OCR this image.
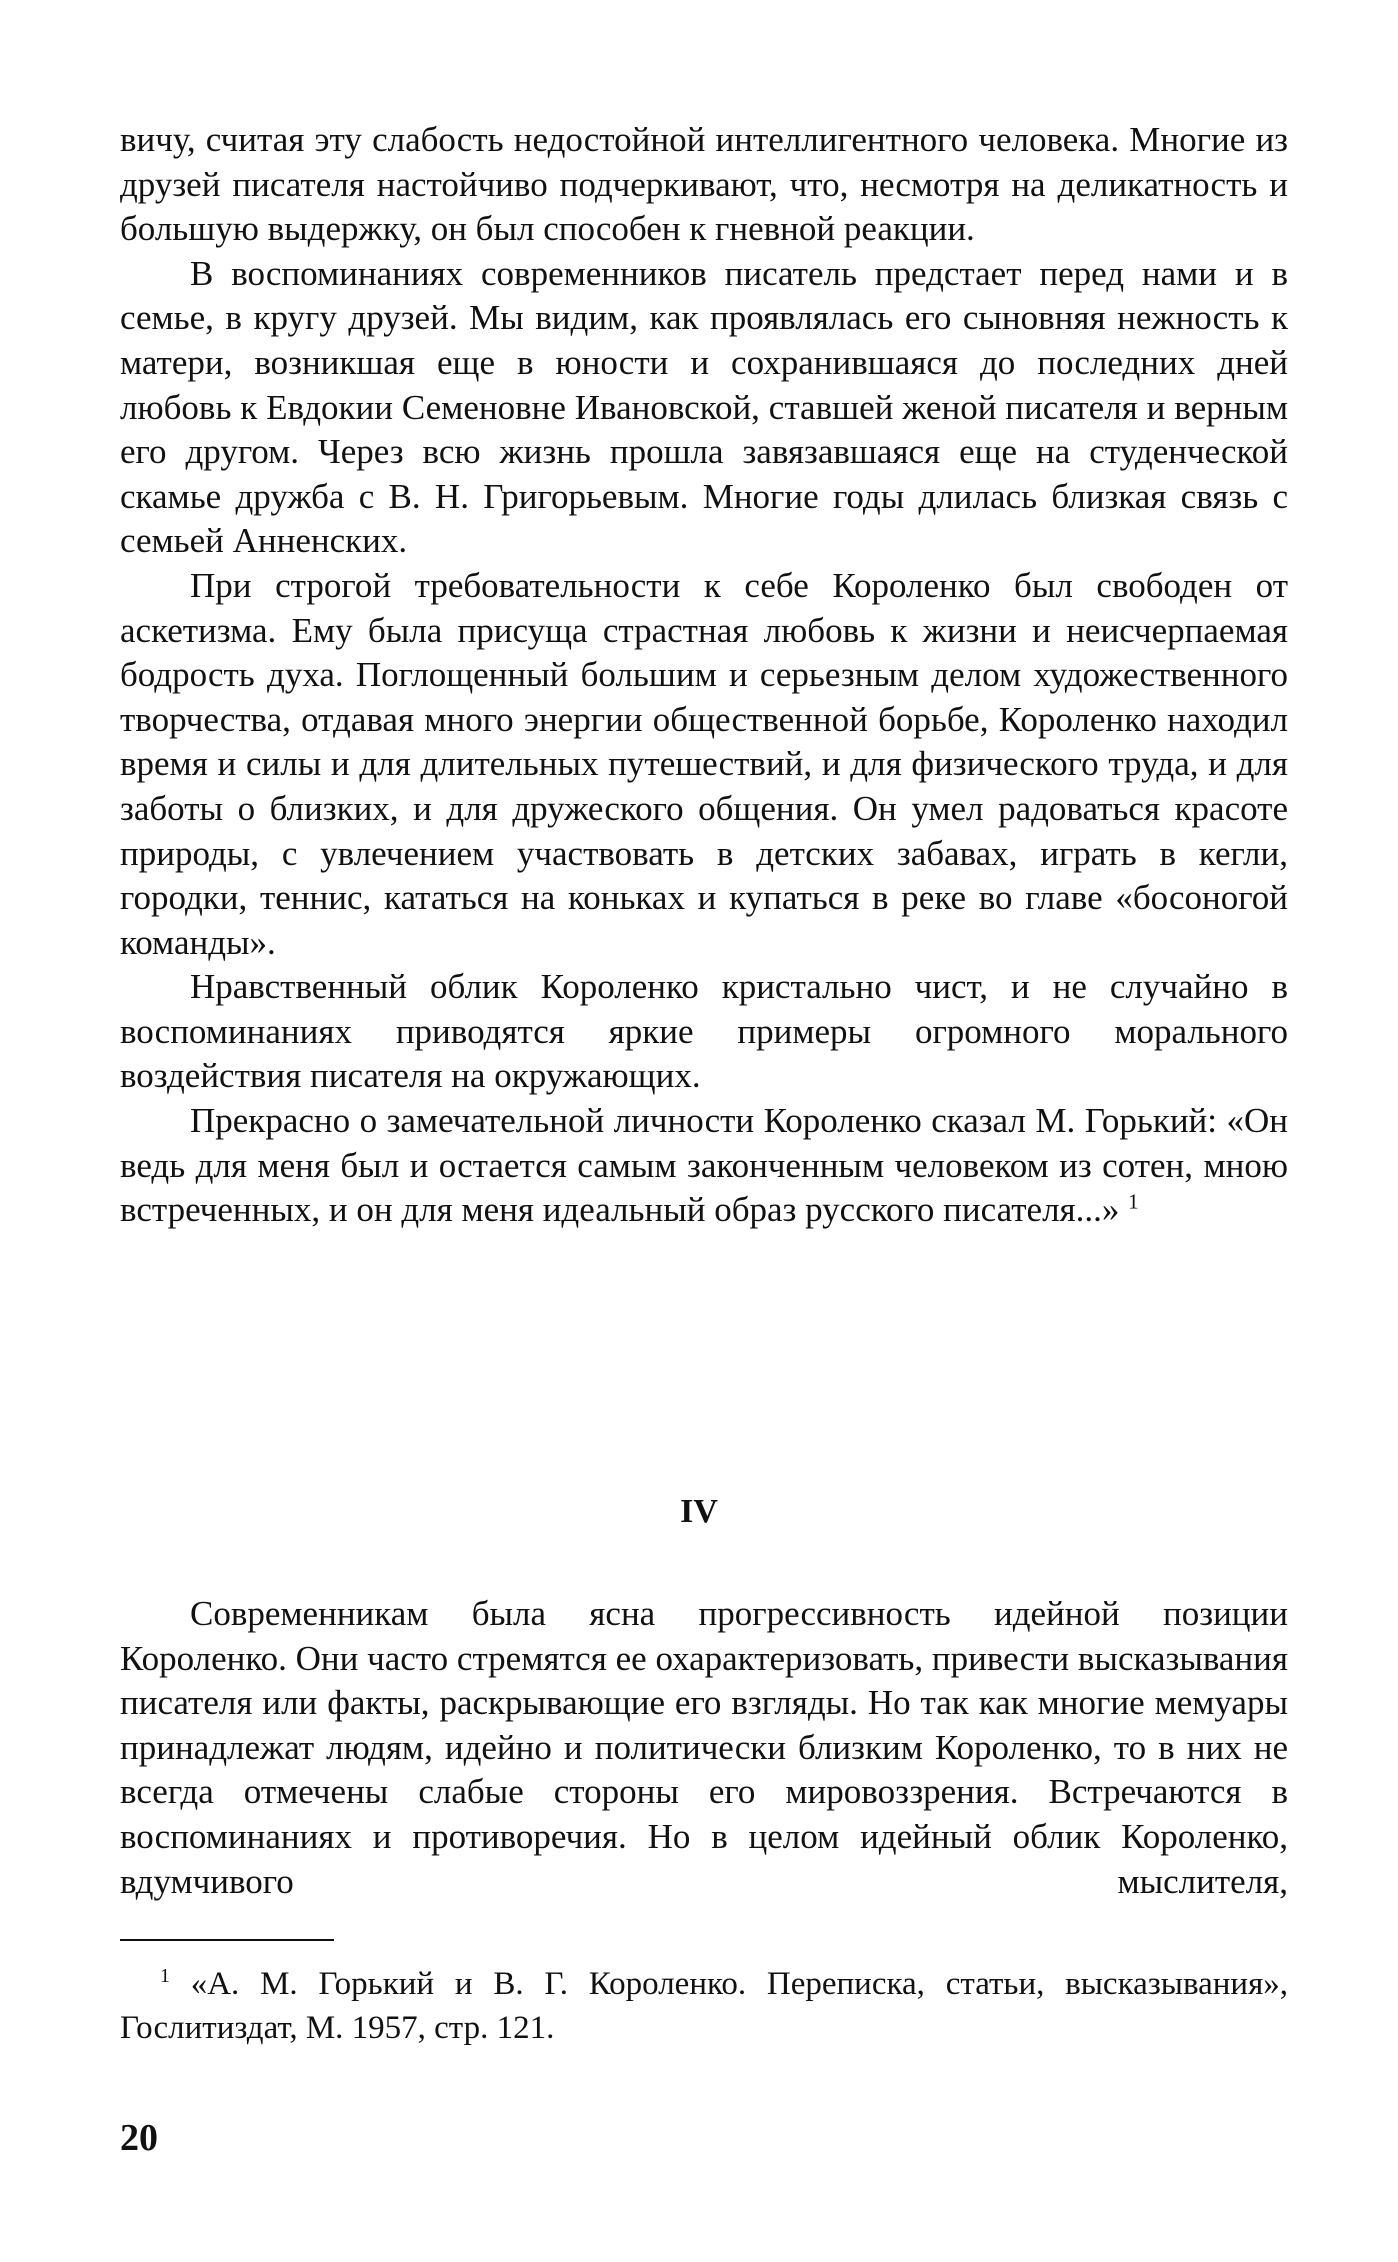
вичу, считая эту слабость недостойной интеллигентного человека. Многие из друзей писателя настойчиво подчеркивают, что, несмотря на деликатность и большую выдержку, он был способен к гневной реакции.

В воспоминаниях современников писатель предстает перед нами и в семье, в кругу друзей. Мы видим, как проявлялась его сыновняя нежность к матери, возникшая еще в юности и сохранившаяся до последних дней любовь к Евдокии Семеновне Ивановской, ставшей женой писателя и верным его другом. Через всю жизнь прошла завязавшаяся еще на студенческой скамье дружба с В. Н. Григорьевым. Многие годы длилась близкая связь с семьей Анненских.

При строгой требовательности к себе Короленко был свободен от аскетизма. Ему была присуща страстная любовь к жизни и неисчерпаемая бодрость духа. Поглощенный большим и серьезным делом художественного творчества, отдавая много энергии общественной борьбе, Короленко находил время и силы и для длительных путешествий, и для физического труда, и для заботы о близких, и для дружеского общения. Он умел радоваться красоте природы, с увлечением участвовать в детских забавах, играть в кегли, городки, теннис, кататься на коньках и купаться в реке во главе «босоногой команды».

Нравственный облик Короленко кристально чист, и не случайно в воспоминаниях приводятся яркие примеры огромного морального воздействия писателя на окружающих.

Прекрасно о замечательной личности Короленко сказал М. Горький: «Он ведь для меня был и остается самым законченным человеком из сотен, мною встреченных, и он для меня идеальный образ русского писателя...» $^1$

IV

Современникам была ясна прогрессивность идейной позиции Короленко. Они часто стремятся ее охарактеризовать, привести высказывания писателя или факты, раскрывающие его взгляды. Но так как многие мемуары принадлежат людям, идейно и политически близким Короленко, то в них не всегда отмечены слабые стороны его мировоззрения. Встречаются в воспоминаниях и противоречия. Но в целом идейный облик Короленко, вдумчивого мыслителя,

$^1$ «А. М. Горький и В. Г. Короленко. Переписка, статьи, высказывания», Гослитиздат, М. 1957, стр. 121.

20
